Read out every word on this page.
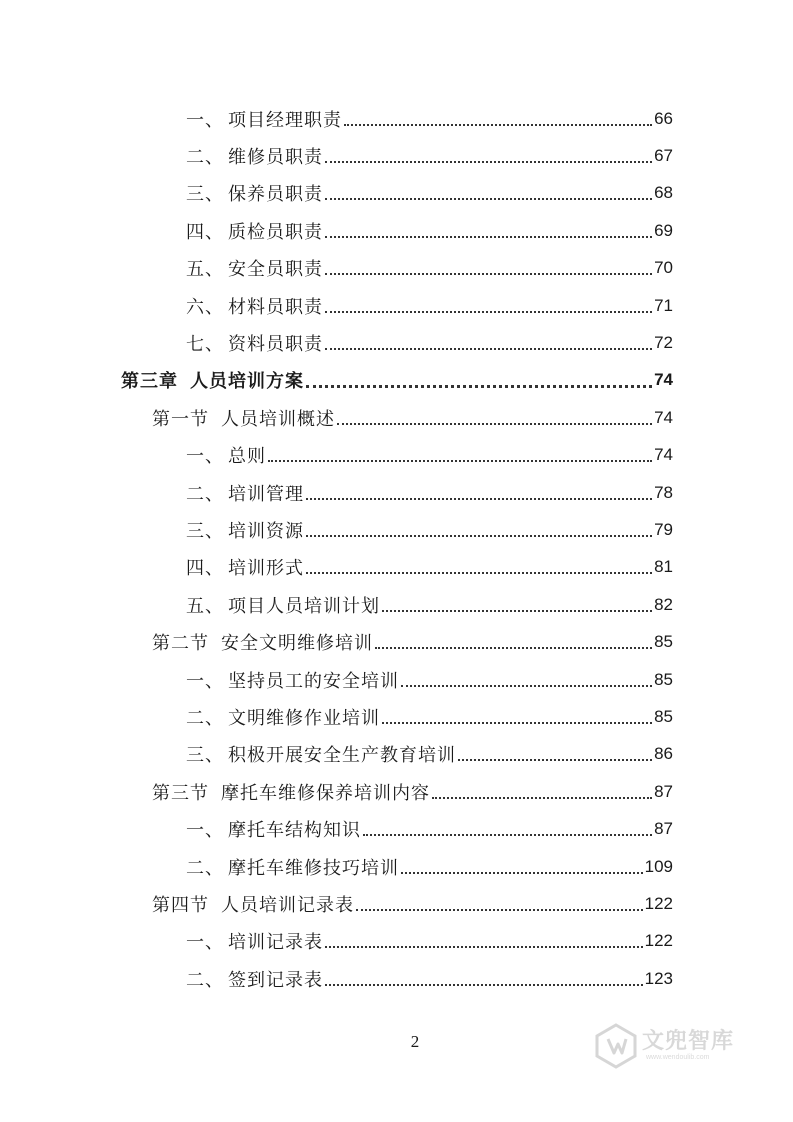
一、 项目经理职责	66
二、 维修员职责	67
三、 保养员职责	68
四、 质检员职责	69
五、 安全员职责	70
六、 材料员职责	71
七、 资料员职责	72
第三章 人员培训方案	74
第一节 人员培训概述	74
一、 总则	74
二、 培训管理	78
三、 培训资源	79
四、 培训形式	81
五、 项目人员培训计划	82
第二节 安全文明维修培训	85
一、 坚持员工的安全培训	85
二、 文明维修作业培训	85
三、 积极开展安全生产教育培训	86
第三节 摩托车维修保养培训内容	87
一、 摩托车结构知识	87
二、 摩托车维修技巧培训	109
第四节 人员培训记录表	122
一、 培训记录表	122
二、 签到记录表	123
2	文兜智库
www.wendoulib.com
